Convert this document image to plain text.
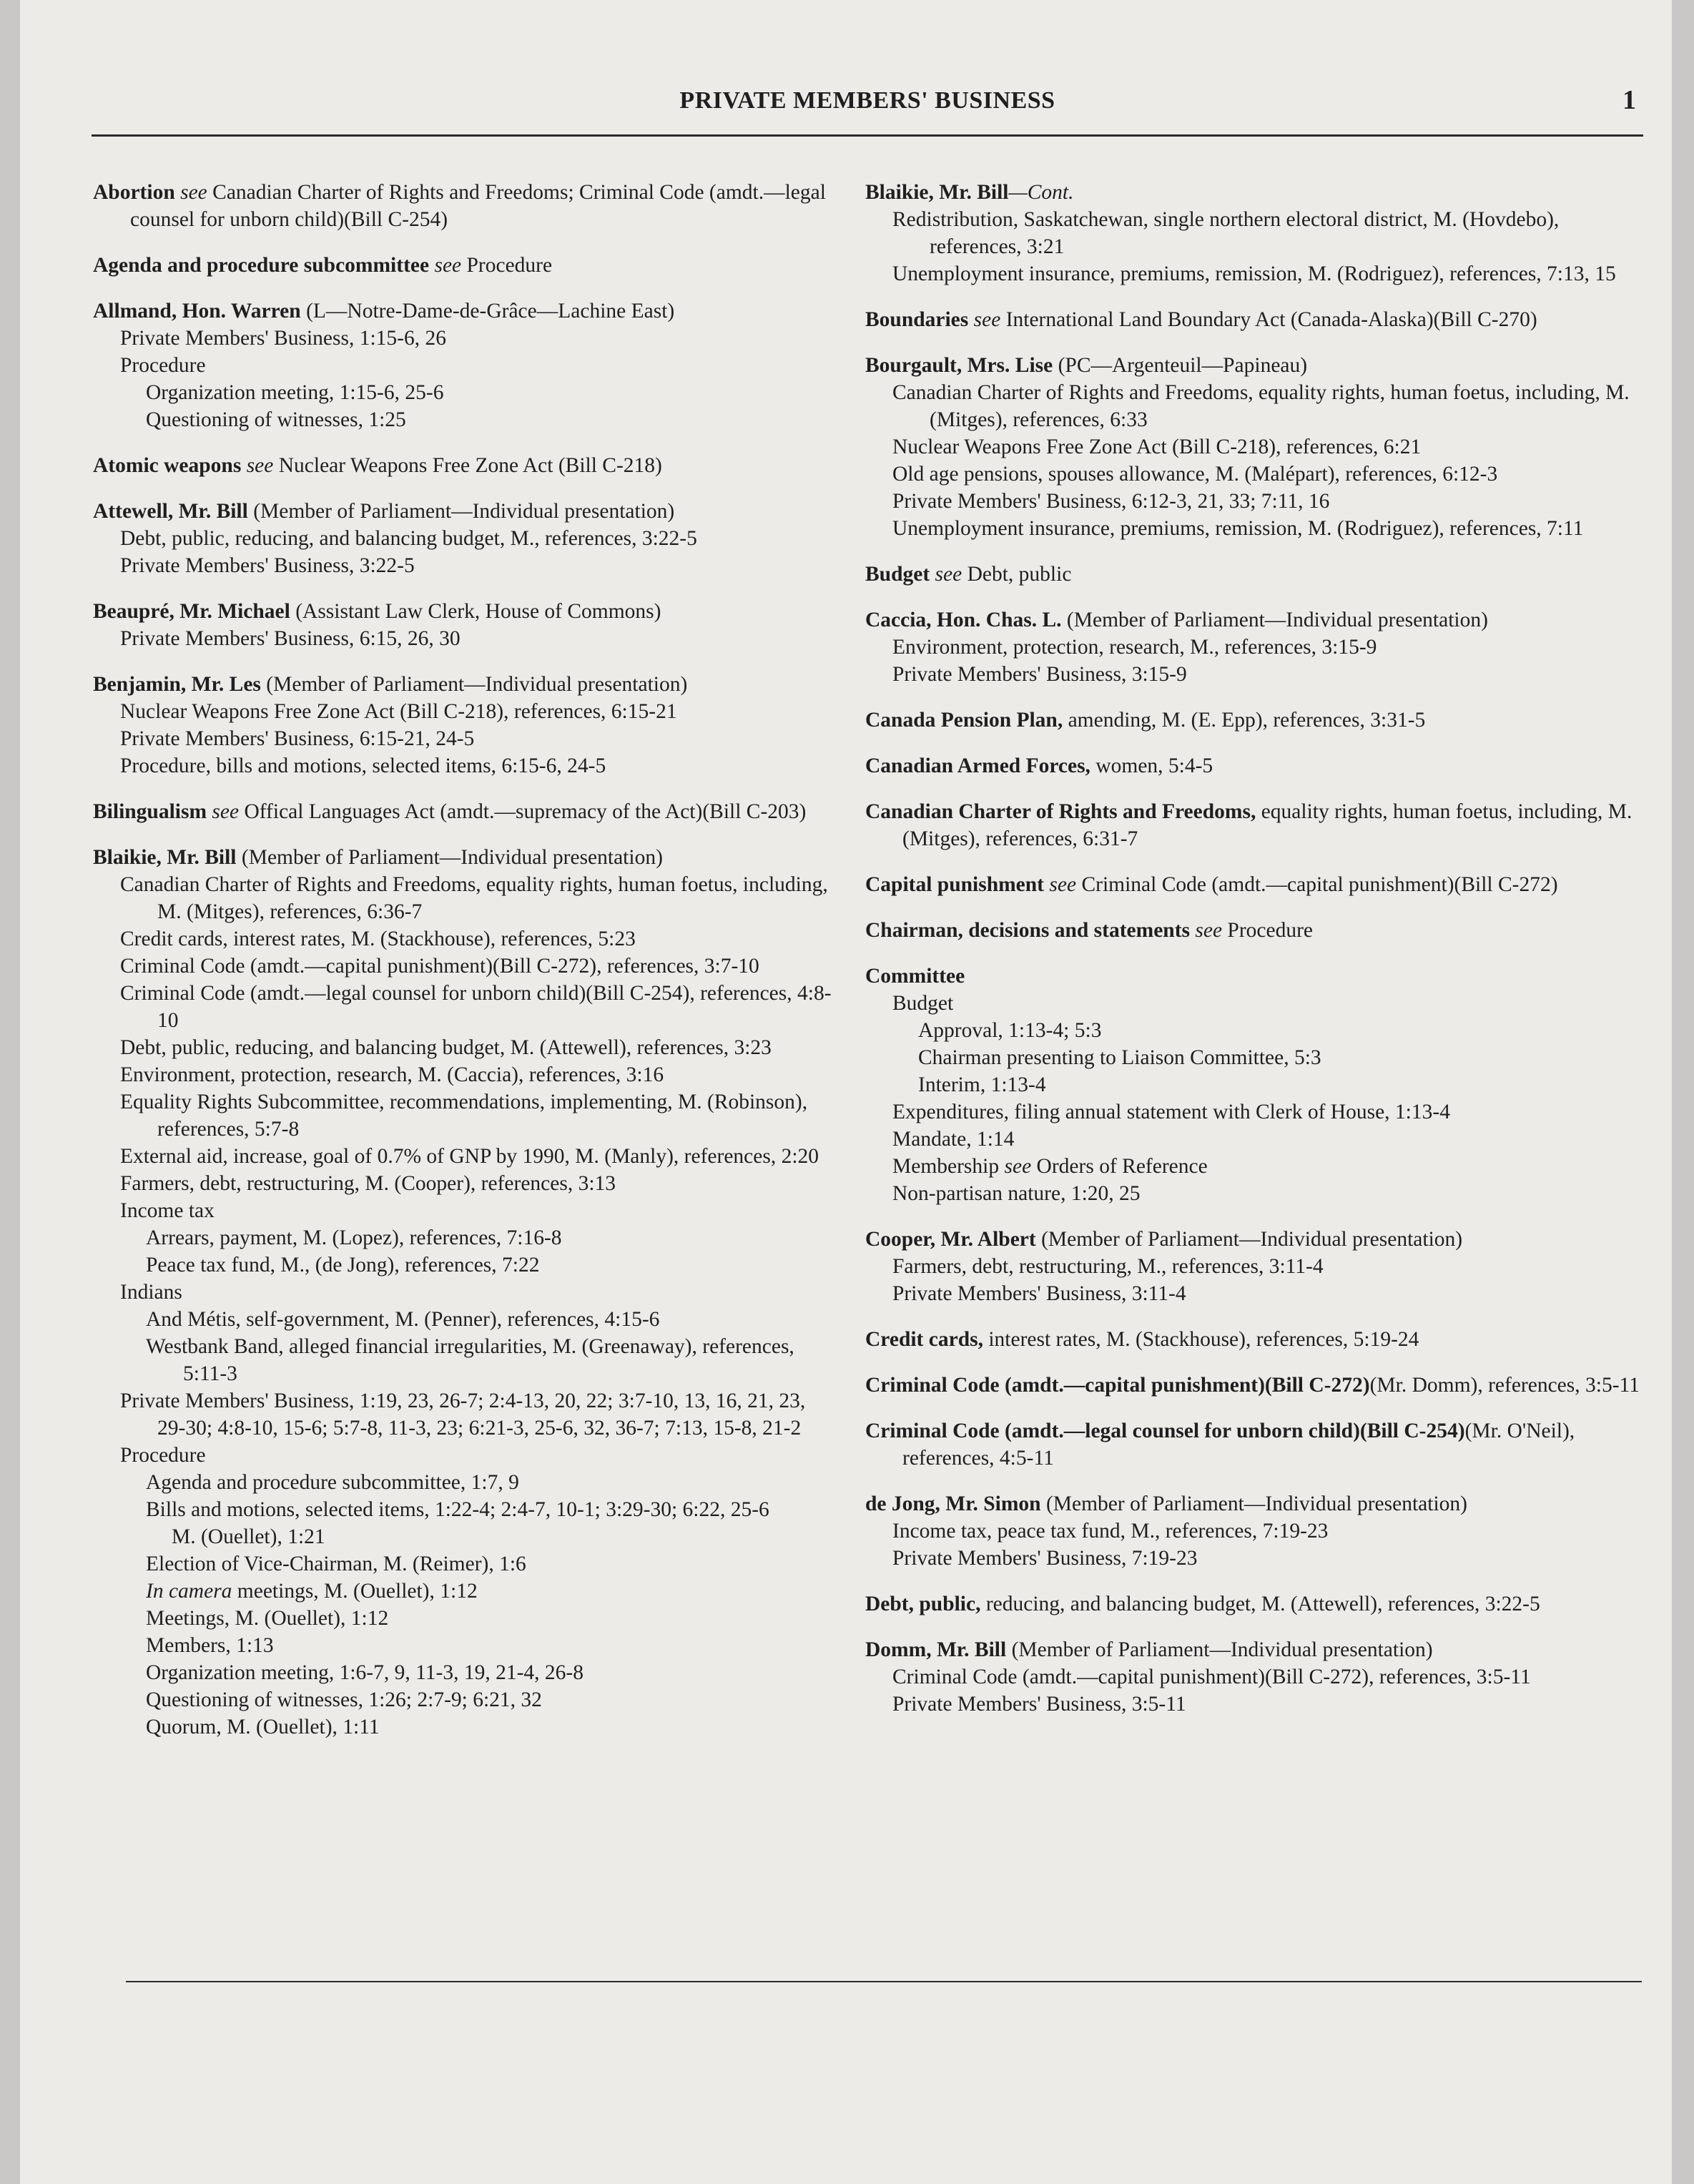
PRIVATE MEMBERS' BUSINESS	1
Abortion see Canadian Charter of Rights and Freedoms; Criminal Code (amdt.—legal counsel for unborn child)(Bill C-254)
Agenda and procedure subcommittee see Procedure
Allmand, Hon. Warren (L—Notre-Dame-de-Grâce—Lachine East)
Private Members' Business, 1:15-6, 26
Procedure
Organization meeting, 1:15-6, 25-6
Questioning of witnesses, 1:25
Atomic weapons see Nuclear Weapons Free Zone Act (Bill C-218)
Attewell, Mr. Bill (Member of Parliament—Individual presentation)
Debt, public, reducing, and balancing budget, M., references, 3:22-5
Private Members' Business, 3:22-5
Beaupré, Mr. Michael (Assistant Law Clerk, House of Commons)
Private Members' Business, 6:15, 26, 30
Benjamin, Mr. Les (Member of Parliament—Individual presentation)
Nuclear Weapons Free Zone Act (Bill C-218), references, 6:15-21
Private Members' Business, 6:15-21, 24-5
Procedure, bills and motions, selected items, 6:15-6, 24-5
Bilingualism see Offical Languages Act (amdt.—supremacy of the Act)(Bill C-203)
Blaikie, Mr. Bill (Member of Parliament—Individual presentation)
Canadian Charter of Rights and Freedoms, equality rights, human foetus, including, M. (Mitges), references, 6:36-7
Credit cards, interest rates, M. (Stackhouse), references, 5:23
Criminal Code (amdt.—capital punishment)(Bill C-272), references, 3:7-10
Criminal Code (amdt.—legal counsel for unborn child)(Bill C-254), references, 4:8-10
Debt, public, reducing, and balancing budget, M. (Attewell), references, 3:23
Environment, protection, research, M. (Caccia), references, 3:16
Equality Rights Subcommittee, recommendations, implementing, M. (Robinson), references, 5:7-8
External aid, increase, goal of 0.7% of GNP by 1990, M. (Manly), references, 2:20
Farmers, debt, restructuring, M. (Cooper), references, 3:13
Income tax
Arrears, payment, M. (Lopez), references, 7:16-8
Peace tax fund, M., (de Jong), references, 7:22
Indians
And Métis, self-government, M. (Penner), references, 4:15-6
Westbank Band, alleged financial irregularities, M. (Greenaway), references, 5:11-3
Private Members' Business, 1:19, 23, 26-7; 2:4-13, 20, 22; 3:7-10, 13, 16, 21, 23, 29-30; 4:8-10, 15-6; 5:7-8, 11-3, 23; 6:21-3, 25-6, 32, 36-7; 7:13, 15-8, 21-2
Procedure
Agenda and procedure subcommittee, 1:7, 9
Bills and motions, selected items, 1:22-4; 2:4-7, 10-1; 3:29-30; 6:22, 25-6
M. (Ouellet), 1:21
Election of Vice-Chairman, M. (Reimer), 1:6
In camera meetings, M. (Ouellet), 1:12
Meetings, M. (Ouellet), 1:12
Members, 1:13
Organization meeting, 1:6-7, 9, 11-3, 19, 21-4, 26-8
Questioning of witnesses, 1:26; 2:7-9; 6:21, 32
Quorum, M. (Ouellet), 1:11
Blaikie, Mr. Bill—Cont.
Redistribution, Saskatchewan, single northern electoral district, M. (Hovdebo), references, 3:21
Unemployment insurance, premiums, remission, M. (Rodriguez), references, 7:13, 15
Boundaries see International Land Boundary Act (Canada-Alaska)(Bill C-270)
Bourgault, Mrs. Lise (PC—Argenteuil—Papineau)
Canadian Charter of Rights and Freedoms, equality rights, human foetus, including, M. (Mitges), references, 6:33
Nuclear Weapons Free Zone Act (Bill C-218), references, 6:21
Old age pensions, spouses allowance, M. (Malépart), references, 6:12-3
Private Members' Business, 6:12-3, 21, 33; 7:11, 16
Unemployment insurance, premiums, remission, M. (Rodriguez), references, 7:11
Budget see Debt, public
Caccia, Hon. Chas. L. (Member of Parliament—Individual presentation)
Environment, protection, research, M., references, 3:15-9
Private Members' Business, 3:15-9
Canada Pension Plan, amending, M. (E. Epp), references, 3:31-5
Canadian Armed Forces, women, 5:4-5
Canadian Charter of Rights and Freedoms, equality rights, human foetus, including, M. (Mitges), references, 6:31-7
Capital punishment see Criminal Code (amdt.—capital punishment)(Bill C-272)
Chairman, decisions and statements see Procedure
Committee
Budget
Approval, 1:13-4; 5:3
Chairman presenting to Liaison Committee, 5:3
Interim, 1:13-4
Expenditures, filing annual statement with Clerk of House, 1:13-4
Mandate, 1:14
Membership see Orders of Reference
Non-partisan nature, 1:20, 25
Cooper, Mr. Albert (Member of Parliament—Individual presentation)
Farmers, debt, restructuring, M., references, 3:11-4
Private Members' Business, 3:11-4
Credit cards, interest rates, M. (Stackhouse), references, 5:19-24
Criminal Code (amdt.—capital punishment)(Bill C-272)(Mr. Domm), references, 3:5-11
Criminal Code (amdt.—legal counsel for unborn child)(Bill C-254)(Mr. O'Neil), references, 4:5-11
de Jong, Mr. Simon (Member of Parliament—Individual presentation)
Income tax, peace tax fund, M., references, 7:19-23
Private Members' Business, 7:19-23
Debt, public, reducing, and balancing budget, M. (Attewell), references, 3:22-5
Domm, Mr. Bill (Member of Parliament—Individual presentation)
Criminal Code (amdt.—capital punishment)(Bill C-272), references, 3:5-11
Private Members' Business, 3:5-11
